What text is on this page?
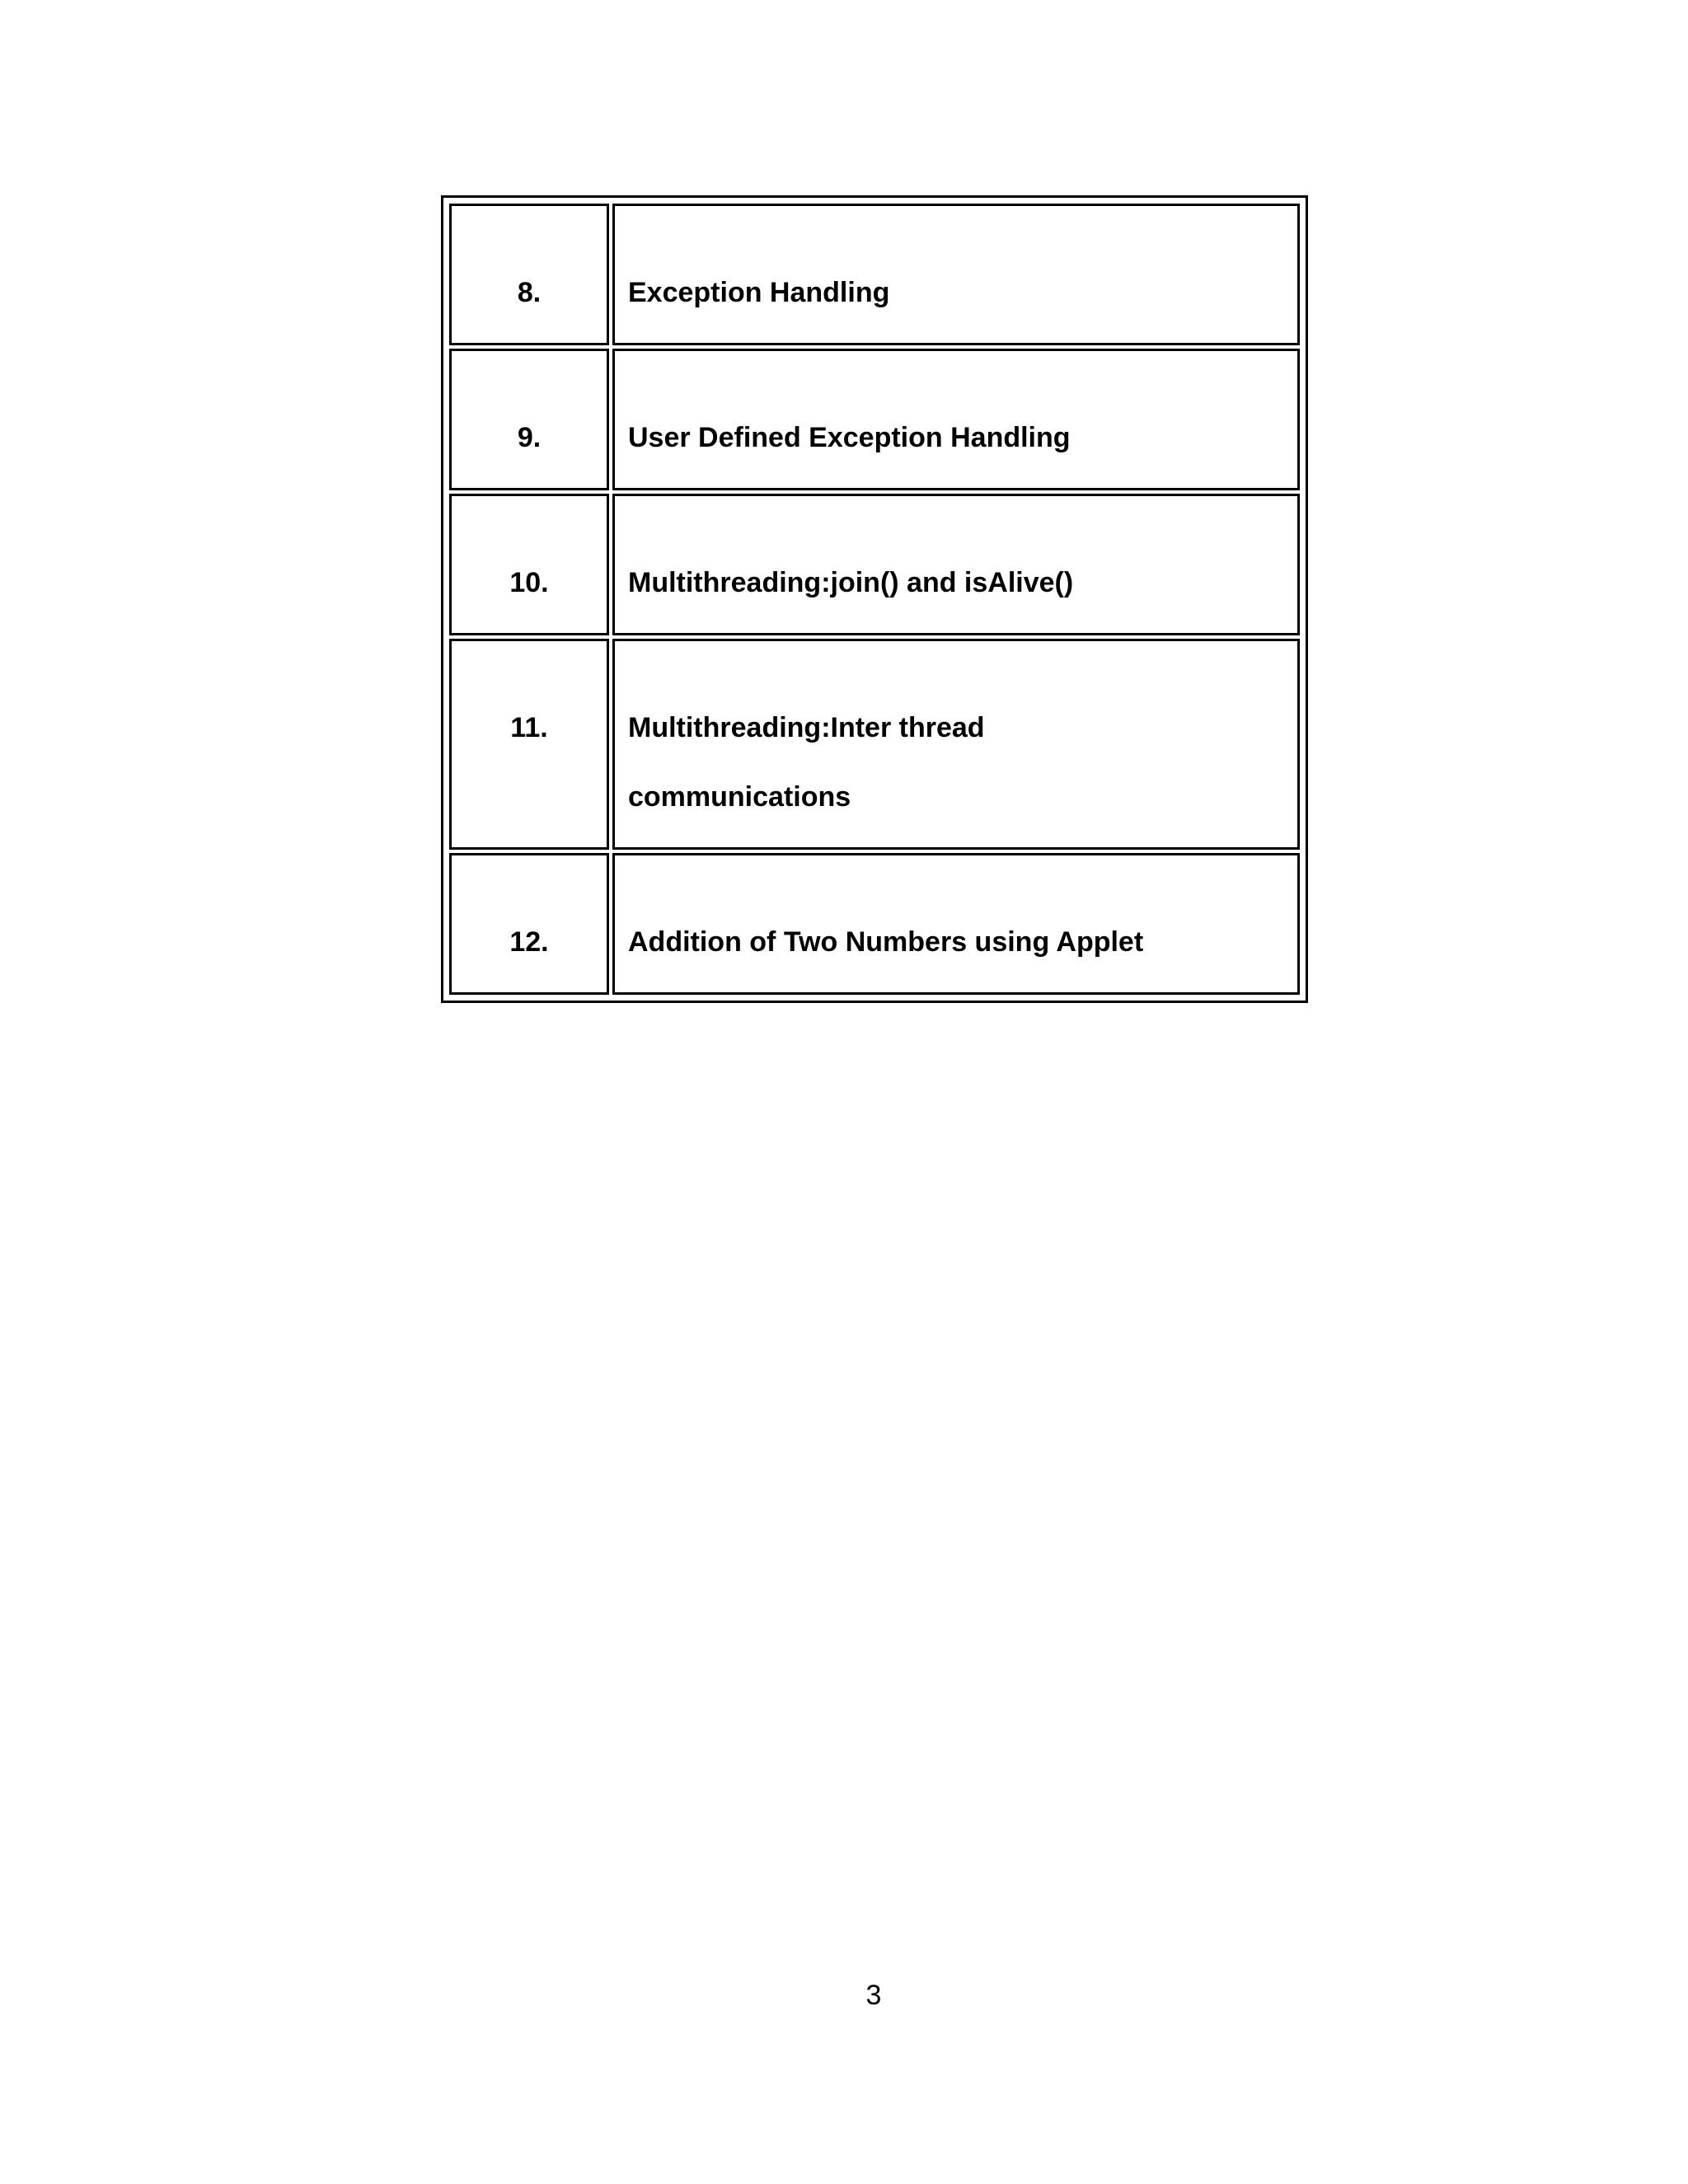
8.	Exception Handling

9.	User Defined Exception Handling

10.	Multithreading:join() and isAlive()

11.	Multithreading:Inter thread
communications

12.	Addition of Two Numbers using Applet
3
